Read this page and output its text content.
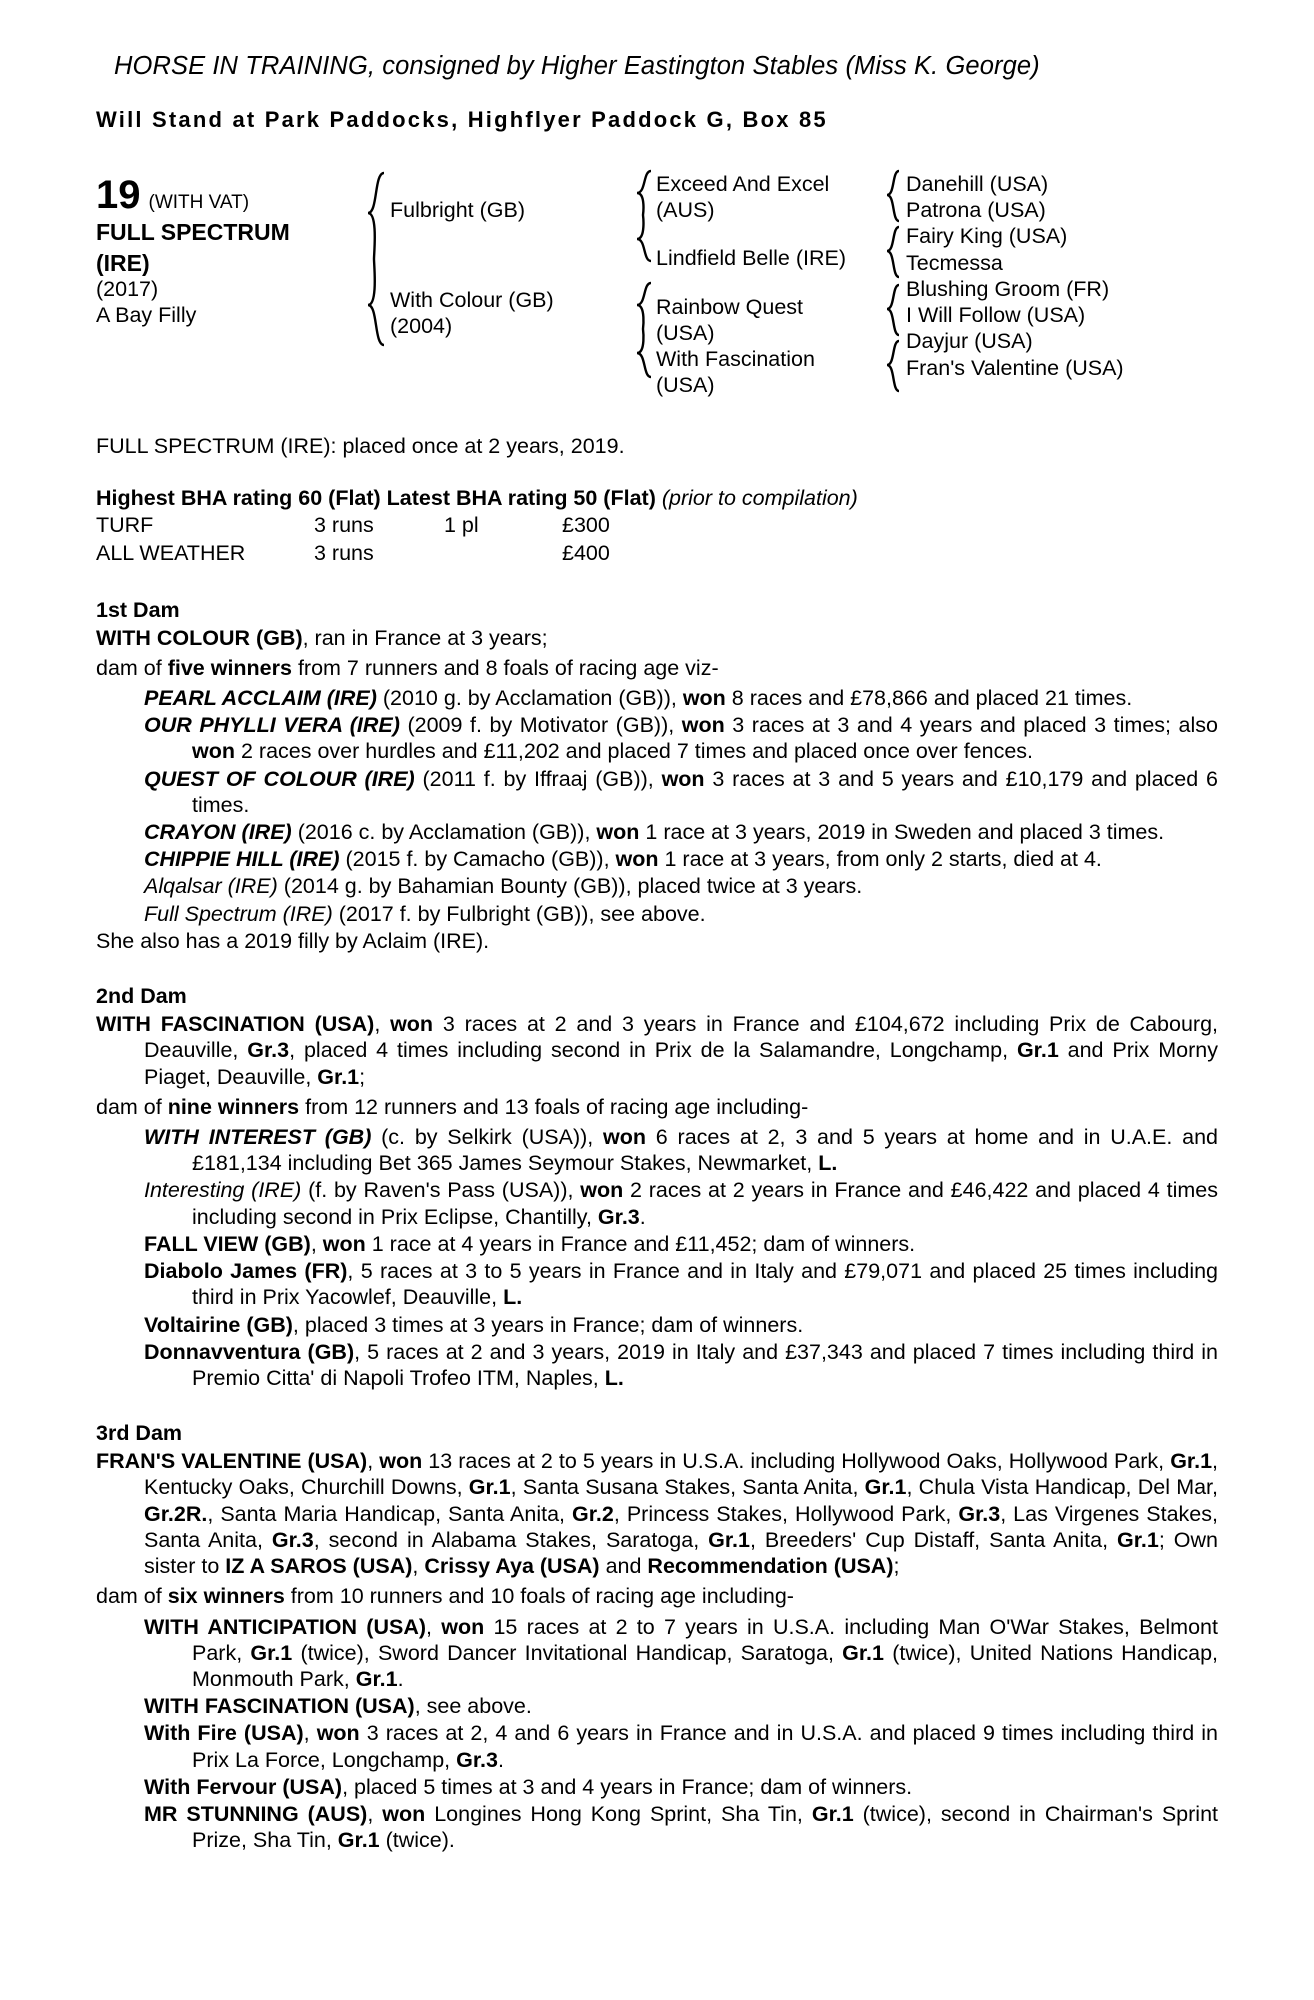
HORSE IN TRAINING, consigned by Higher Eastington Stables (Miss K. George)
Will Stand at Park Paddocks, Highflyer Paddock G, Box 85
19 (WITH VAT)
FULL SPECTRUM
(IRE)
(2017)
A Bay Filly
Fulbright (GB)
With Colour (GB)
(2004)
Exceed And Excel
(AUS)
Lindfield Belle (IRE)
Rainbow Quest
(USA)
With Fascination
(USA)
Danehill (USA)
Patrona (USA)
Fairy King (USA)
Tecmessa
Blushing Groom (FR)
I Will Follow (USA)
Dayjur (USA)
Fran's Valentine (USA)
FULL SPECTRUM (IRE): placed once at 2 years, 2019.
Highest BHA rating 60 (Flat) Latest BHA rating 50 (Flat) (prior to compilation)
TURF	3 runs	1 pl	£300
ALL WEATHER	3 runs	£400
1st Dam
WITH COLOUR (GB), ran in France at 3 years;
dam of five winners from 7 runners and 8 foals of racing age viz-
PEARL ACCLAIM (IRE) (2010 g. by Acclamation (GB)), won 8 races and £78,866 and placed 21 times.
OUR PHYLLI VERA (IRE) (2009 f. by Motivator (GB)), won 3 races at 3 and 4 years and placed 3 times; also won 2 races over hurdles and £11,202 and placed 7 times and placed once over fences.
QUEST OF COLOUR (IRE) (2011 f. by Iffraaj (GB)), won 3 races at 3 and 5 years and £10,179 and placed 6 times.
CRAYON (IRE) (2016 c. by Acclamation (GB)), won 1 race at 3 years, 2019 in Sweden and placed 3 times.
CHIPPIE HILL (IRE) (2015 f. by Camacho (GB)), won 1 race at 3 years, from only 2 starts, died at 4.
Alqalsar (IRE) (2014 g. by Bahamian Bounty (GB)), placed twice at 3 years.
Full Spectrum (IRE) (2017 f. by Fulbright (GB)), see above.
She also has a 2019 filly by Aclaim (IRE).
2nd Dam
WITH FASCINATION (USA), won 3 races at 2 and 3 years in France and £104,672 including Prix de Cabourg, Deauville, Gr.3, placed 4 times including second in Prix de la Salamandre, Longchamp, Gr.1 and Prix Morny Piaget, Deauville, Gr.1;
dam of nine winners from 12 runners and 13 foals of racing age including-
WITH INTEREST (GB) (c. by Selkirk (USA)), won 6 races at 2, 3 and 5 years at home and in U.A.E. and £181,134 including Bet 365 James Seymour Stakes, Newmarket, L.
Interesting (IRE) (f. by Raven's Pass (USA)), won 2 races at 2 years in France and £46,422 and placed 4 times including second in Prix Eclipse, Chantilly, Gr.3.
FALL VIEW (GB), won 1 race at 4 years in France and £11,452; dam of winners.
Diabolo James (FR), 5 races at 3 to 5 years in France and in Italy and £79,071 and placed 25 times including third in Prix Yacowlef, Deauville, L.
Voltairine (GB), placed 3 times at 3 years in France; dam of winners.
Donnavventura (GB), 5 races at 2 and 3 years, 2019 in Italy and £37,343 and placed 7 times including third in Premio Citta' di Napoli Trofeo ITM, Naples, L.
3rd Dam
FRAN'S VALENTINE (USA), won 13 races at 2 to 5 years in U.S.A. including Hollywood Oaks, Hollywood Park, Gr.1, Kentucky Oaks, Churchill Downs, Gr.1, Santa Susana Stakes, Santa Anita, Gr.1, Chula Vista Handicap, Del Mar, Gr.2R., Santa Maria Handicap, Santa Anita, Gr.2, Princess Stakes, Hollywood Park, Gr.3, Las Virgenes Stakes, Santa Anita, Gr.3, second in Alabama Stakes, Saratoga, Gr.1, Breeders' Cup Distaff, Santa Anita, Gr.1; Own sister to IZ A SAROS (USA), Crissy Aya (USA) and Recommendation (USA);
dam of six winners from 10 runners and 10 foals of racing age including-
WITH ANTICIPATION (USA), won 15 races at 2 to 7 years in U.S.A. including Man O'War Stakes, Belmont Park, Gr.1 (twice), Sword Dancer Invitational Handicap, Saratoga, Gr.1 (twice), United Nations Handicap, Monmouth Park, Gr.1.
WITH FASCINATION (USA), see above.
With Fire (USA), won 3 races at 2, 4 and 6 years in France and in U.S.A. and placed 9 times including third in Prix La Force, Longchamp, Gr.3.
With Fervour (USA), placed 5 times at 3 and 4 years in France; dam of winners.
MR STUNNING (AUS), won Longines Hong Kong Sprint, Sha Tin, Gr.1 (twice), second in Chairman's Sprint Prize, Sha Tin, Gr.1 (twice).
